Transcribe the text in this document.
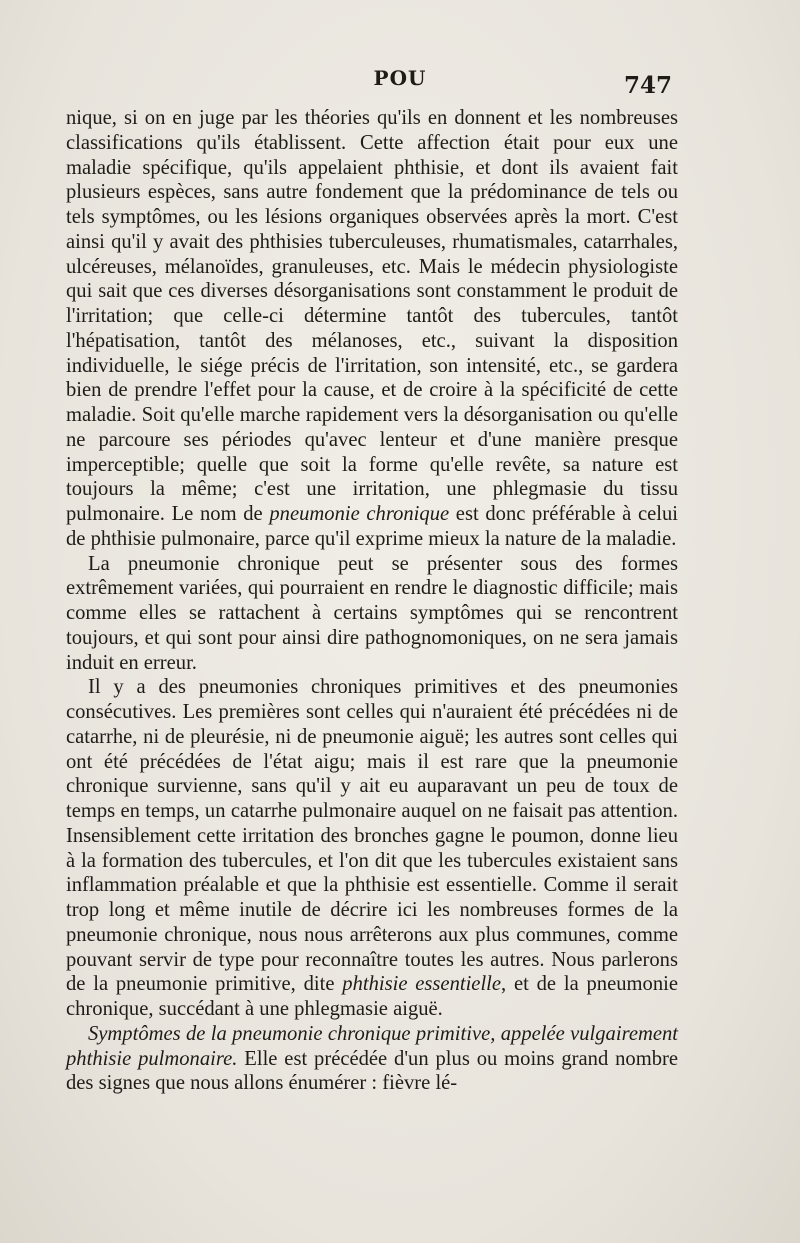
POU	747

nique, si on en juge par les théories qu'ils en donnent et les nombreuses classifications qu'ils établissent. Cette affection était pour eux une maladie spécifique, qu'ils appelaient phthisie, et dont ils avaient fait plusieurs espèces, sans autre fondement que la prédominance de tels ou tels symptômes, ou les lésions organiques observées après la mort. C'est ainsi qu'il y avait des phthisies tuberculeuses, rhumatismales, catarrhales, ulcéreuses, mélanoïdes, granuleuses, etc. Mais le médecin physiologiste qui sait que ces diverses désorganisations sont constamment le produit de l'irritation; que celle-ci détermine tantôt des tubercules, tantôt l'hépatisation, tantôt des mélanoses, etc., suivant la disposition individuelle, le siége précis de l'irritation, son intensité, etc., se gardera bien de prendre l'effet pour la cause, et de croire à la spécificité de cette maladie. Soit qu'elle marche rapidement vers la désorganisation ou qu'elle ne parcoure ses périodes qu'avec lenteur et d'une manière presque imperceptible; quelle que soit la forme qu'elle revête, sa nature est toujours la même; c'est une irritation, une phlegmasie du tissu pulmonaire. Le nom de pneumonie chronique est donc préférable à celui de phthisie pulmonaire, parce qu'il exprime mieux la nature de la maladie.

La pneumonie chronique peut se présenter sous des formes extrêmement variées, qui pourraient en rendre le diagnostic difficile; mais comme elles se rattachent à certains symptômes qui se rencontrent toujours, et qui sont pour ainsi dire pathognomoniques, on ne sera jamais induit en erreur.

Il y a des pneumonies chroniques primitives et des pneumonies consécutives. Les premières sont celles qui n'auraient été précédées ni de catarrhe, ni de pleurésie, ni de pneumonie aiguë; les autres sont celles qui ont été précédées de l'état aigu; mais il est rare que la pneumonie chronique survienne, sans qu'il y ait eu auparavant un peu de toux de temps en temps, un catarrhe pulmonaire auquel on ne faisait pas attention. Insensiblement cette irritation des bronches gagne le poumon, donne lieu à la formation des tubercules, et l'on dit que les tubercules existaient sans inflammation préalable et que la phthisie est essentielle. Comme il serait trop long et même inutile de décrire ici les nombreuses formes de la pneumonie chronique, nous nous arrêterons aux plus communes, comme pouvant servir de type pour reconnaître toutes les autres. Nous parlerons de la pneumonie primitive, dite phthisie essentielle, et de la pneumonie chronique, succédant à une phlegmasie aiguë.

Symptômes de la pneumonie chronique primitive, appelée vulgairement phthisie pulmonaire. Elle est précédée d'un plus ou moins grand nombre des signes que nous allons énumérer : fièvre lé-
